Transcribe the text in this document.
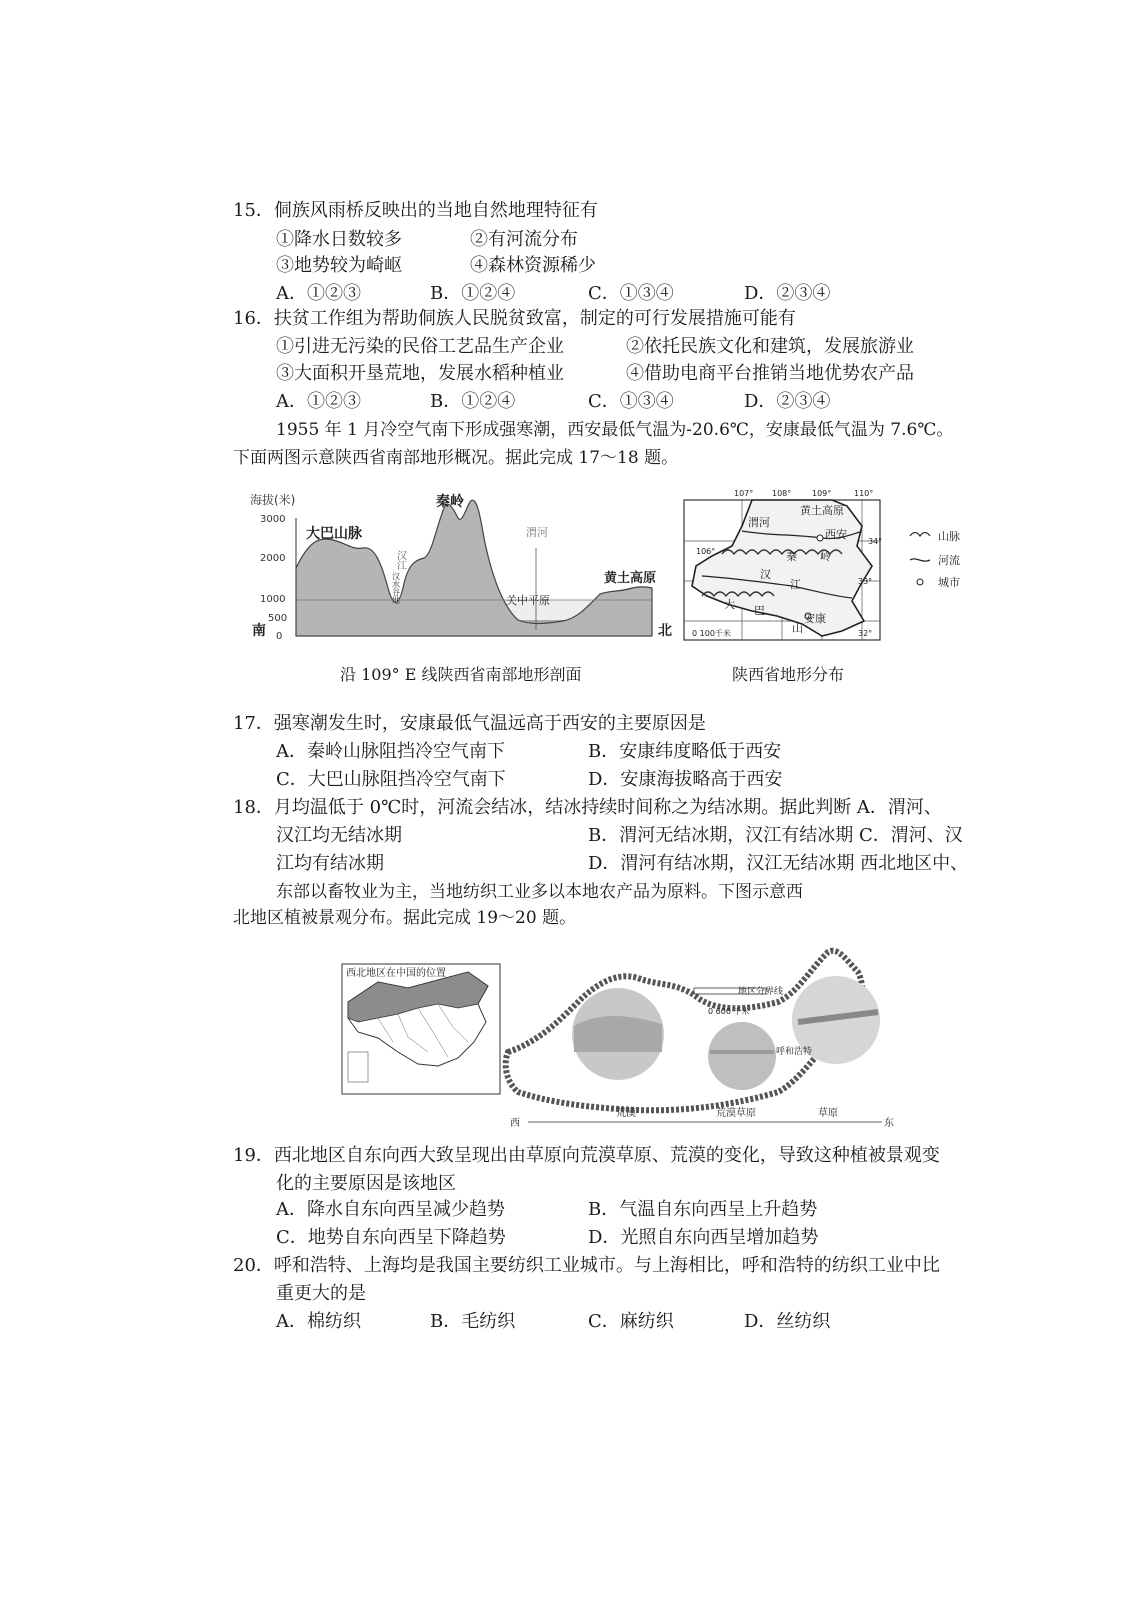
15．侗族风雨桥反映出的当地自然地理特征有
①降水日数较多	②有河流分布
③地势较为崎岖	④森林资源稀少
A．①②③	B．①②④	C．①③④	D．②③④
16．扶贫工作组为帮助侗族人民脱贫致富，制定的可行发展措施可能有
①引进无污染的民俗工艺品生产企业	②依托民族文化和建筑，发展旅游业
③大面积开垦荒地，发展水稻种植业	④借助电商平台推销当地优势农产品
A．①②③	B．①②④	C．①③④	D．②③④
1955 年 1 月冷空气南下形成强寒潮，西安最低气温为-20.6℃，安康最低气温为 7.6℃。
下面两图示意陕西省南部地形概况。据此完成 17～18 题。
海拔(米)
3000
2000
1000
500
0
南	北
大巴山脉
秦岭
汉江
汉水谷地
渭河
关中平原
黄土高原
沿 109° E 线陕西省南部地形剖面
107° 108°	109°	110°
106°
34°
33°
32°
渭河
黄土高原
西安
秦 岭
汉
江
大 巴
山
安康
0 100千米
山脉
河流
城市
陕西省地形分布
17．强寒潮发生时，安康最低气温远高于西安的主要原因是
A．秦岭山脉阻挡冷空气南下	B．安康纬度略低于西安
C．大巴山脉阻挡冷空气南下	D．安康海拔略高于西安
18．月均温低于 0℃时，河流会结冰，结冰持续时间称之为结冰期。据此判断 A．渭河、
汉江均无结冰期	B．渭河无结冰期，汉江有结冰期 C．渭河、汉
江均有结冰期	D．渭河有结冰期，汉江无结冰期 西北地区中、
东部以畜牧业为主，当地纺织工业多以本地农产品为原料。下图示意西
北地区植被景观分布。据此完成 19～20 题。
西北地区在中国的位置
地区分界线
0 600 千米
呼和浩特
西	东
荒漠	荒漠草原	草原
19．西北地区自东向西大致呈现出由草原向荒漠草原、荒漠的变化，导致这种植被景观变
化的主要原因是该地区
A．降水自东向西呈减少趋势	B．气温自东向西呈上升趋势
C．地势自东向西呈下降趋势	D．光照自东向西呈增加趋势
20．呼和浩特、上海均是我国主要纺织工业城市。与上海相比，呼和浩特的纺织工业中比
重更大的是
A．棉纺织	B．毛纺织	C．麻纺织	D．丝纺织
